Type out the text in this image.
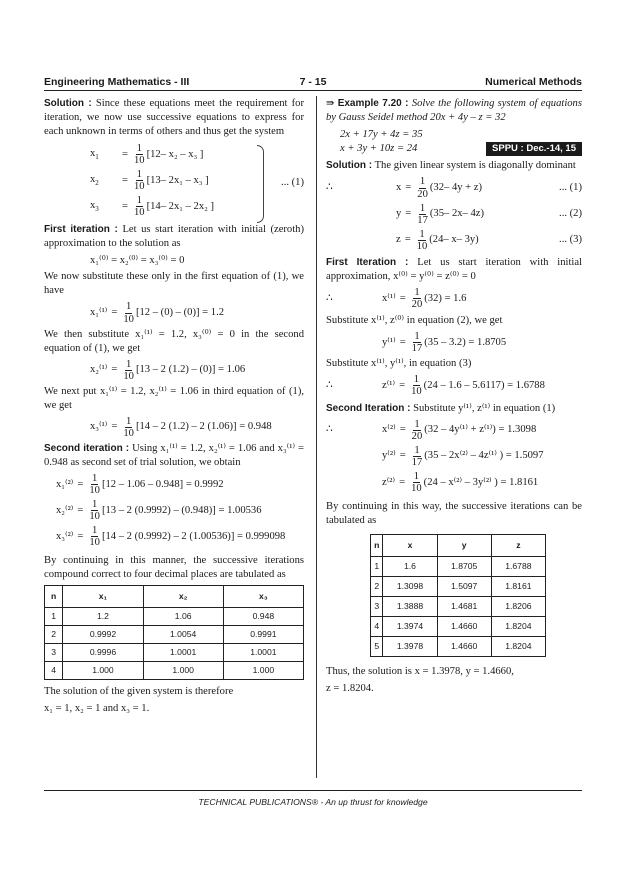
Engineering Mathematics - III	7 - 15	Numerical Methods

Solution : Since these equations meet the requirement for iteration, we now use successive equations to express for each unknown in terms of others and thus get the system

$x_1$	= $\frac{1}{10} [12-$ x₂ – x₃ ]
$x_2$	= $\frac{1}{10} [13-$ 2x₁ – x₃ ]
$x_3$	= $\frac{1}{10} [14-$ 2x₁ – 2x₂ ]
... (1)

First iteration : Let us start iteration with initial (zeroth) approximation to the solution as

x₁⁽⁰⁾ = x₂⁽⁰⁾ = x₃⁽⁰⁾ = 0

We now substitute these only in the first equation of (1), we have

$x_1^{(1)} = \frac{1}{10} [12 - (0) - (0)] = 1.2$

We then substitute x₁⁽¹⁾ = 1.2, x₃⁽⁰⁾ = 0 in the second equation of (1), we get

$x_2^{(1)} = \frac{1}{10} [13 - 2$ (1.2) – (0)] = 1.06

We next put x₁⁽¹⁾ = 1.2, x₂⁽¹⁾ = 1.06 in third equation of (1), we get

$x_3^{(1)} = \frac{1}{10} [14 - 2$ (1.2) – 2 (1.06)] = 0.948

Second iteration : Using x₁⁽¹⁾ = 1.2, x₂⁽¹⁾ = 1.06 and x₃⁽¹⁾ = 0.948 as second set of trial solution, we obtain

$x_1^{(2)} = \frac{1}{10} [12 - 1.06 - 0.948] = 0.9992$
$x_2^{(2)} = \frac{1}{10} [13 - 2$ (0.9992) – (0.948)] = 1.00536
$x_3^{(2)} = \frac{1}{10} [14 - 2$ (0.9992) – 2 (1.00536)] = 0.999098

By continuing in this manner, the successive iterations compound correct to four decimal places are tabulated as

n	x₁	x₂	x₃
1	1.2	1.06	0.948
2	0.9992	1.0054	0.9991
3	0.9996	1.0001	1.0001
4	1.000	1.000	1.000

The solution of the given system is therefore

x₁ = 1, x₂ = 1 and x₃ = 1.

⇛ Example 7.20 : Solve the following system of equations by Gauss Seidel method 20x + 4y – z = 32

2x + 17y + 4z = 35
x + 3y + 10z = 24	SPPU : Dec.-14, 15

Solution : The given linear system is diagonally dominant

∴	$x = \frac{1}{20} (32-$ 4y + z)	... (1)
$y = \frac{1}{17} (35-$ 2x– 4z)	... (2)
$z = \frac{1}{10} (24-$ x– 3y)	... (3)

First Iteration : Let us start iteration with initial approximation, x⁽⁰⁾ = y⁽⁰⁾ = z⁽⁰⁾ = 0

∴	$x^{(1)} = \frac{1}{20} (32) = 1.6$

Substitute x⁽¹⁾, z⁽⁰⁾ in equation (2), we get

$y^{(1)} = \frac{1}{17} (35 - 3.2) = 1.8705$

Substitute x⁽¹⁾, y⁽¹⁾, in equation (3)

∴	$z^{(1)} = \frac{1}{10} (24 - 1.6 - 5.6117) = 1.6788$

Second Iteration : Substitute y⁽¹⁾, z⁽¹⁾ in equation (1)

∴	$x^{(2)} = \frac{1}{20} (32 - 4y^{(1)} + z^{(1)}) = 1.3098$
$y^{(2)} = \frac{1}{17} (35 - 2x^{(2)} - 4z^{(1)}$ ) = 1.5097
$z^{(2)} = \frac{1}{10} (24 - x^{(2)} - 3y^{(2)}$ ) = 1.8161

By continuing in this way, the successive iterations can be tabulated as

n	x	y	z
1	1.6	1.8705	1.6788
2	1.3098	1.5097	1.8161
3	1.3888	1.4681	1.8206
4	1.3974	1.4660	1.8204
5	1.3978	1.4660	1.8204

Thus, the solution is x = 1.3978, y = 1.4660,

z = 1.8204.

TECHNICAL PUBLICATIONS® - An up thrust for knowledge
